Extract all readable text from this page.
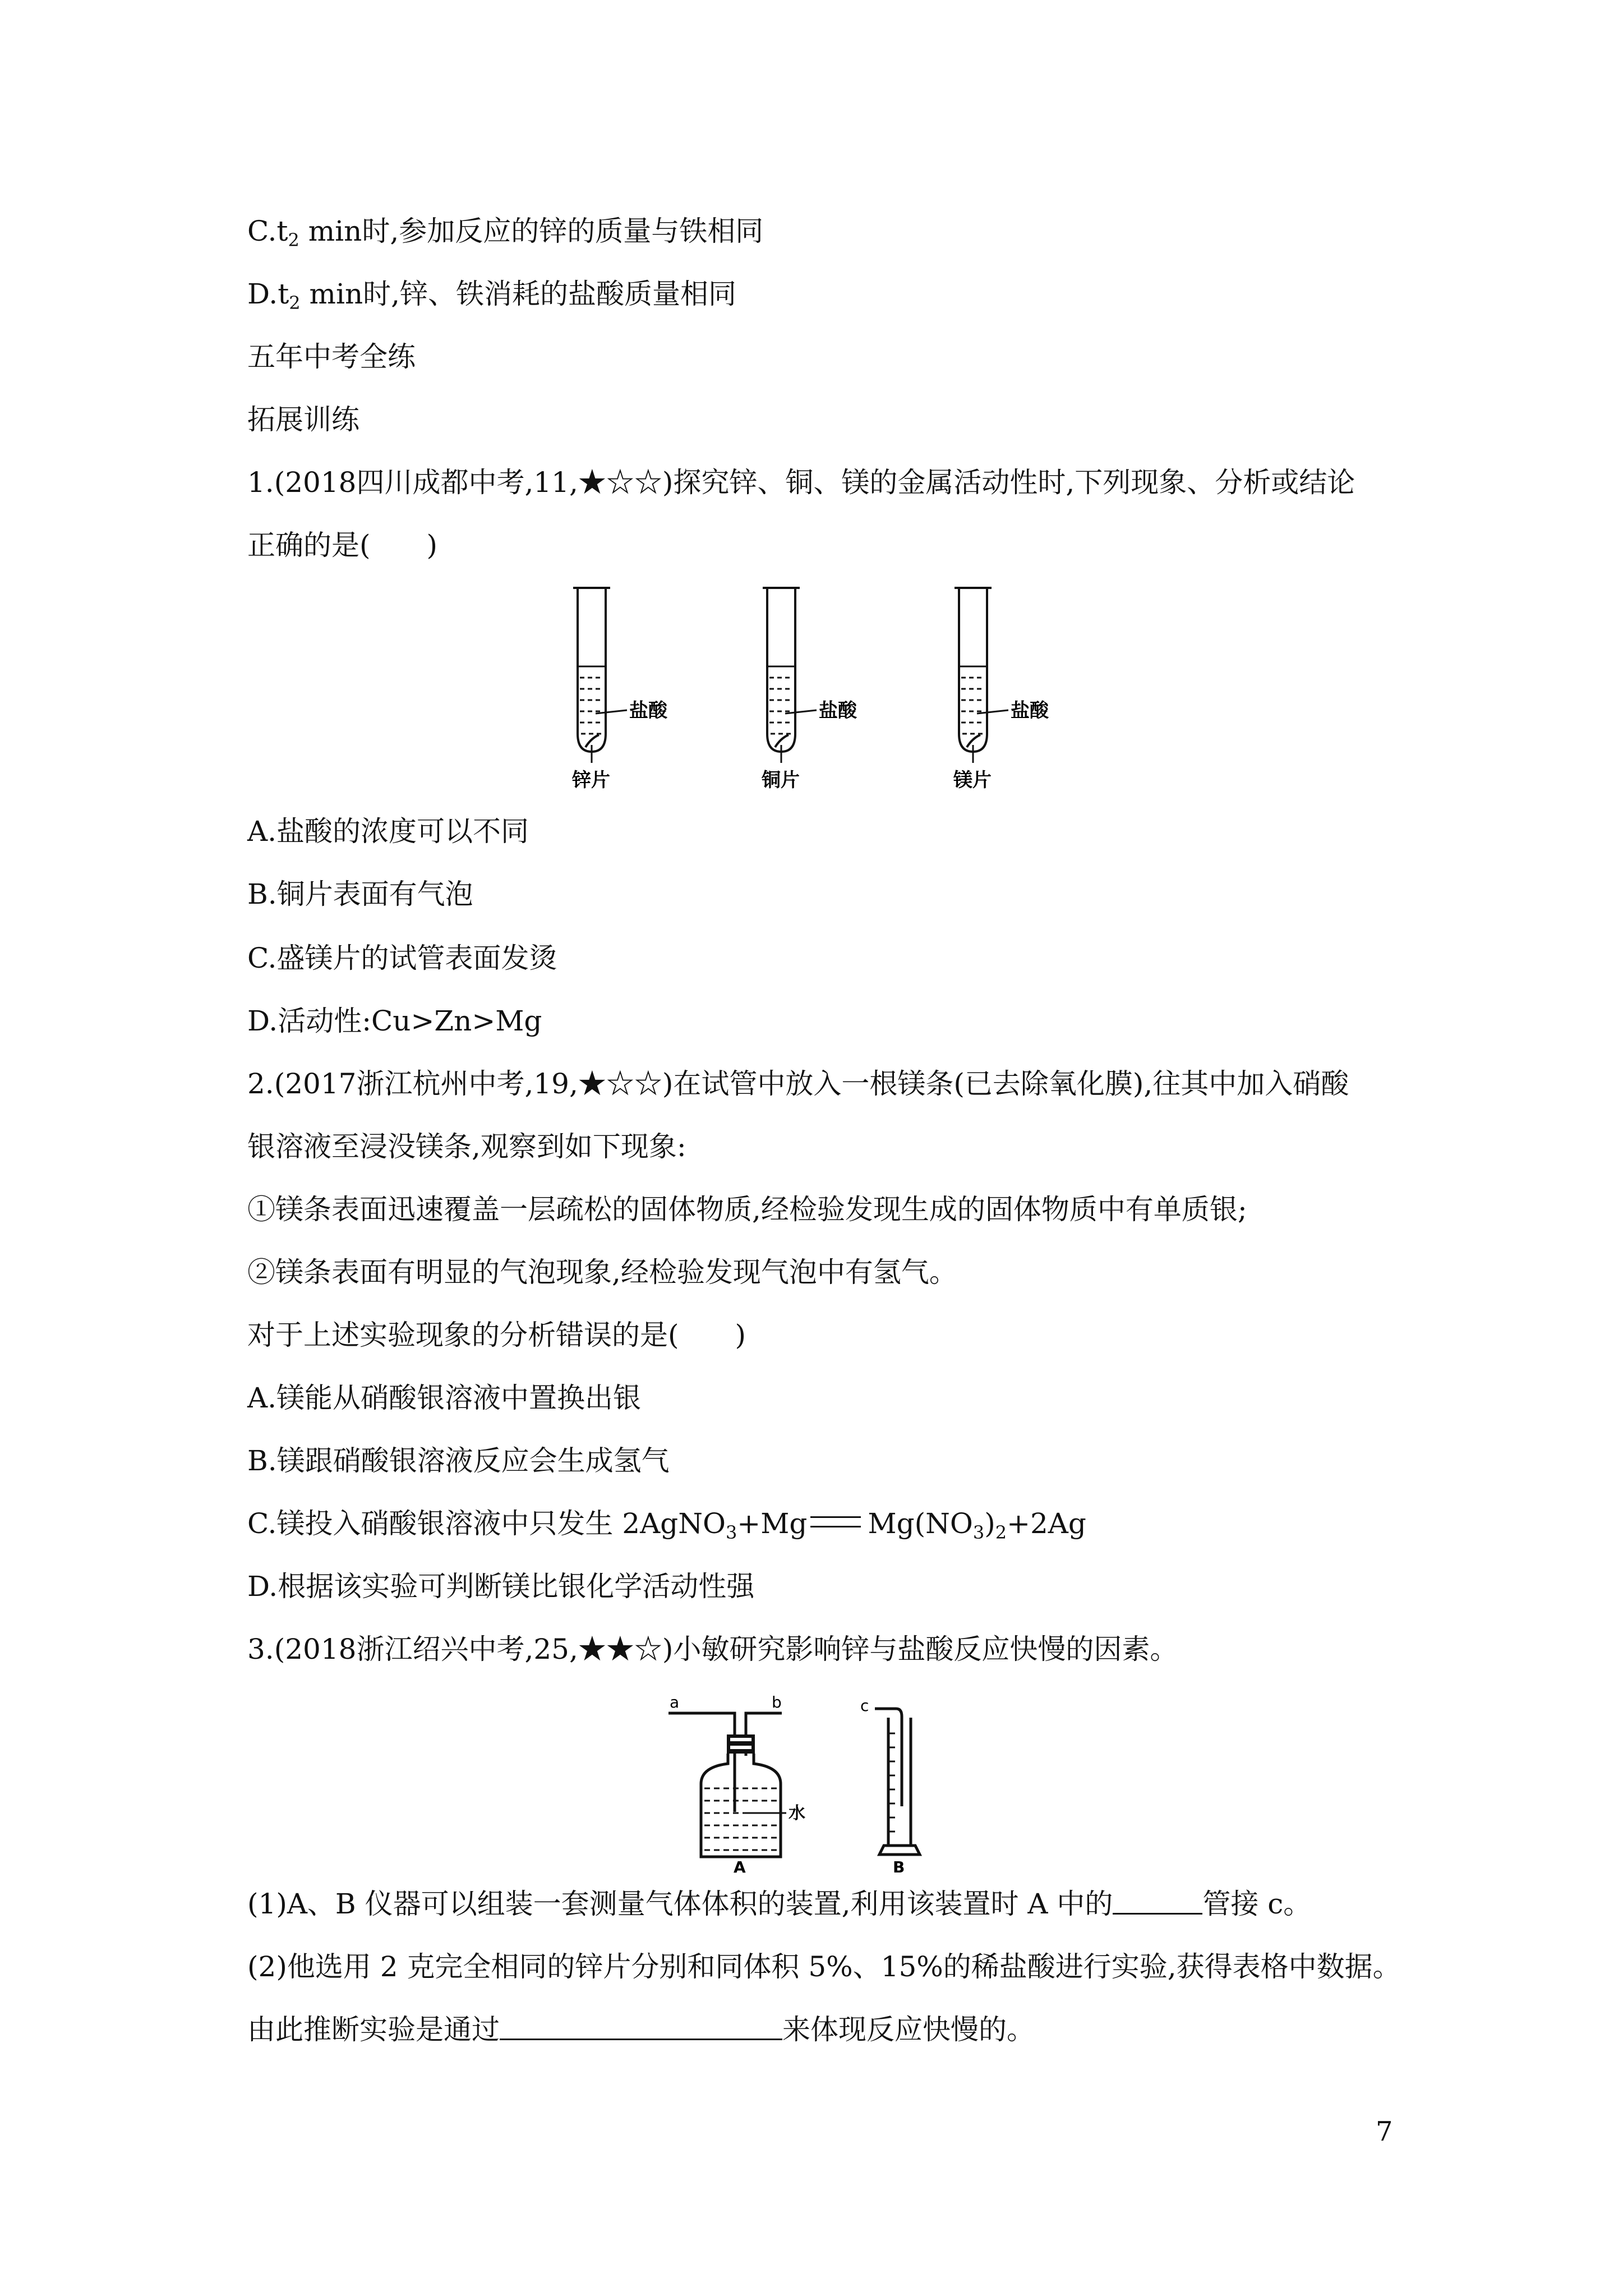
$C.t_2$ min时,参加反应的锌的质量与铁相同
$D.t_2$ min时,锌、铁消耗的盐酸质量相同
五年中考全练
拓展训练
1.(2018四川成都中考,11,★☆☆)探究锌、铜、镁的金属活动性时,下列现象、分析或结论
正确的是(　　)
盐酸
锌片
盐酸
铜片
盐酸
镁片
A.盐酸的浓度可以不同
B.铜片表面有气泡
C.盛镁片的试管表面发烫
D.活动性:Cu>Zn>Mg
2.(2017浙江杭州中考,19,★☆☆)在试管中放入一根镁条(已去除氧化膜),往其中加入硝酸
银溶液至浸没镁条,观察到如下现象:
①镁条表面迅速覆盖一层疏松的固体物质,经检验发现生成的固体物质中有单质银;
②镁条表面有明显的气泡现象,经检验发现气泡中有氢气。
对于上述实验现象的分析错误的是(　　)
A.镁能从硝酸银溶液中置换出银
B.镁跟硝酸银溶液反应会生成氢气
C.镁投入硝酸银溶液中只发生 2AgNO$_3$+Mg $Mg(NO_3)_2+2Ag$
D.根据该实验可判断镁比银化学活动性强
3.(2018浙江绍兴中考,25,★★☆)小敏研究影响锌与盐酸反应快慢的因素。
a	b
水
A
c
B
(1)A、B 仪器可以组装一套测量气体体积的装置,利用该装置时 A 中的	管接 c。
(2)他选用 2 克完全相同的锌片分别和同体积 5%、15%的稀盐酸进行实验,获得表格中数据。
由此推断实验是通过	来体现反应快慢的。
7
